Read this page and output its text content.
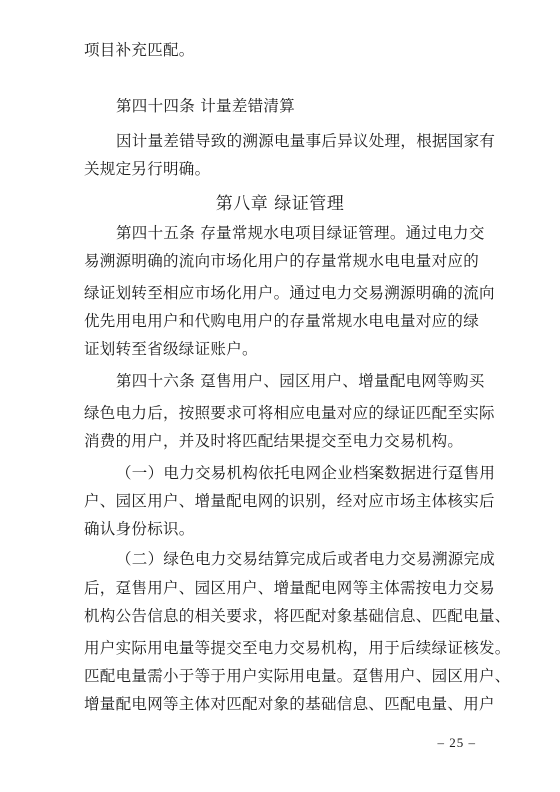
项目补充匹配。
第四十四条 计量差错清算
因计量差错导致的溯源电量事后异议处理，根据国家有
关规定另行明确。
第八章 绿证管理
第四十五条 存量常规水电项目绿证管理。通过电力交
易溯源明确的流向市场化用户的存量常规水电电量对应的
绿证划转至相应市场化用户。通过电力交易溯源明确的流向
优先用电用户和代购电用户的存量常规水电电量对应的绿
证划转至省级绿证账户。
第四十六条 趸售用户、园区用户、增量配电网等购买
绿色电力后，按照要求可将相应电量对应的绿证匹配至实际
消费的用户，并及时将匹配结果提交至电力交易机构。
（一）电力交易机构依托电网企业档案数据进行趸售用
户、园区用户、增量配电网的识别，经对应市场主体核实后
确认身份标识。
（二）绿色电力交易结算完成后或者电力交易溯源完成
后，趸售用户、园区用户、增量配电网等主体需按电力交易
机构公告信息的相关要求，将匹配对象基础信息、匹配电量、
用户实际用电量等提交至电力交易机构，用于后续绿证核发。
匹配电量需小于等于用户实际用电量。趸售用户、园区用户、
增量配电网等主体对匹配对象的基础信息、匹配电量、用户
– 25 –
